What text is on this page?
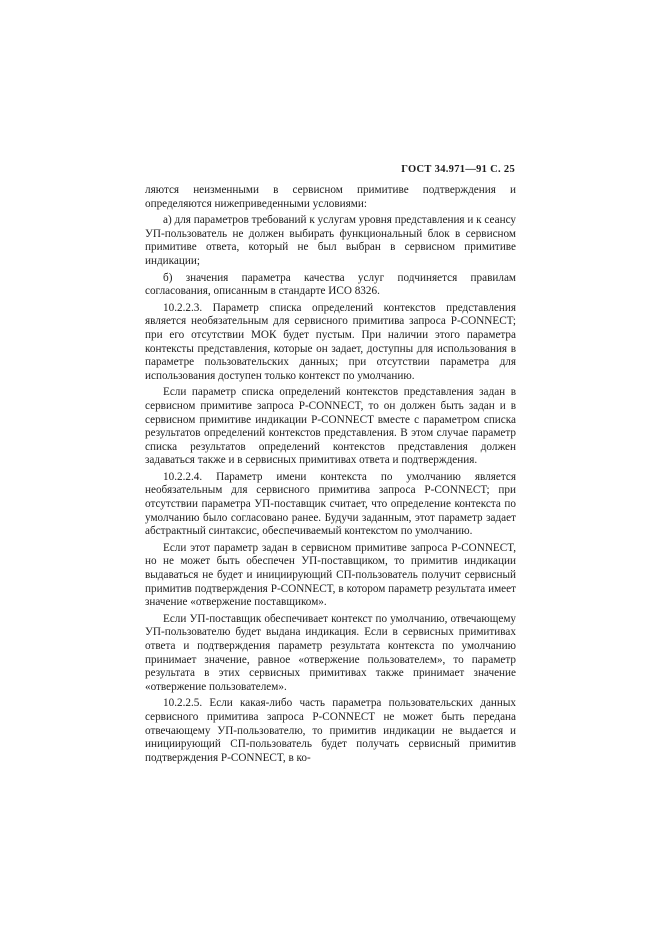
ГОСТ 34.971—91 С. 25

ляются неизменными в сервисном примитиве подтверждения и определяются нижеприведенными условиями:

а) для параметров требований к услугам уровня представления и к сеансу УП-пользователь не должен выбирать функциональный блок в сервисном примитиве ответа, который не был выбран в сервисном примитиве индикации;

б) значения параметра качества услуг подчиняется правилам согласования, описанным в стандарте ИСО 8326.

10.2.2.3. Параметр списка определений контекстов представления является необязательным для сервисного примитива запроса P-CONNECT; при его отсутствии МОК будет пустым. При наличии этого параметра контексты представления, которые он задает, доступны для использования в параметре пользовательских данных; при отсутствии параметра для использования доступен только контекст по умолчанию.

Если параметр списка определений контекстов представления задан в сервисном примитиве запроса P-CONNECT, то он должен быть задан и в сервисном примитиве индикации P-CONNECT вместе с параметром списка результатов определений контекстов представления. В этом случае параметр списка результатов определений контекстов представления должен задаваться также и в сервисных примитивах ответа и подтверждения.

10.2.2.4. Параметр имени контекста по умолчанию является необязательным для сервисного примитива запроса P-CONNECT; при отсутствии параметра УП-поставщик считает, что определение контекста по умолчанию было согласовано ранее. Будучи заданным, этот параметр задает абстрактный синтаксис, обеспечиваемый контекстом по умолчанию.

Если этот параметр задан в сервисном примитиве запроса P-CONNECT, но не может быть обеспечен УП-поставщиком, то примитив индикации выдаваться не будет и инициирующий СП-пользователь получит сервисный примитив подтверждения P-CONNECT, в котором параметр результата имеет значение «отвержение поставщиком».

Если УП-поставщик обеспечивает контекст по умолчанию, отвечающему УП-пользователю будет выдана индикация. Если в сервисных примитивах ответа и подтверждения параметр результата контекста по умолчанию принимает значение, равное «отвержение пользователем», то параметр результата в этих сервисных примитивах также принимает значение «отвержение пользователем».

10.2.2.5. Если какая-либо часть параметра пользовательских данных сервисного примитива запроса P-CONNECT не может быть передана отвечающему УП-пользователю, то примитив индикации не выдается и инициирующий СП-пользователь будет получать сервисный примитив подтверждения P-CONNECT, в ко-
